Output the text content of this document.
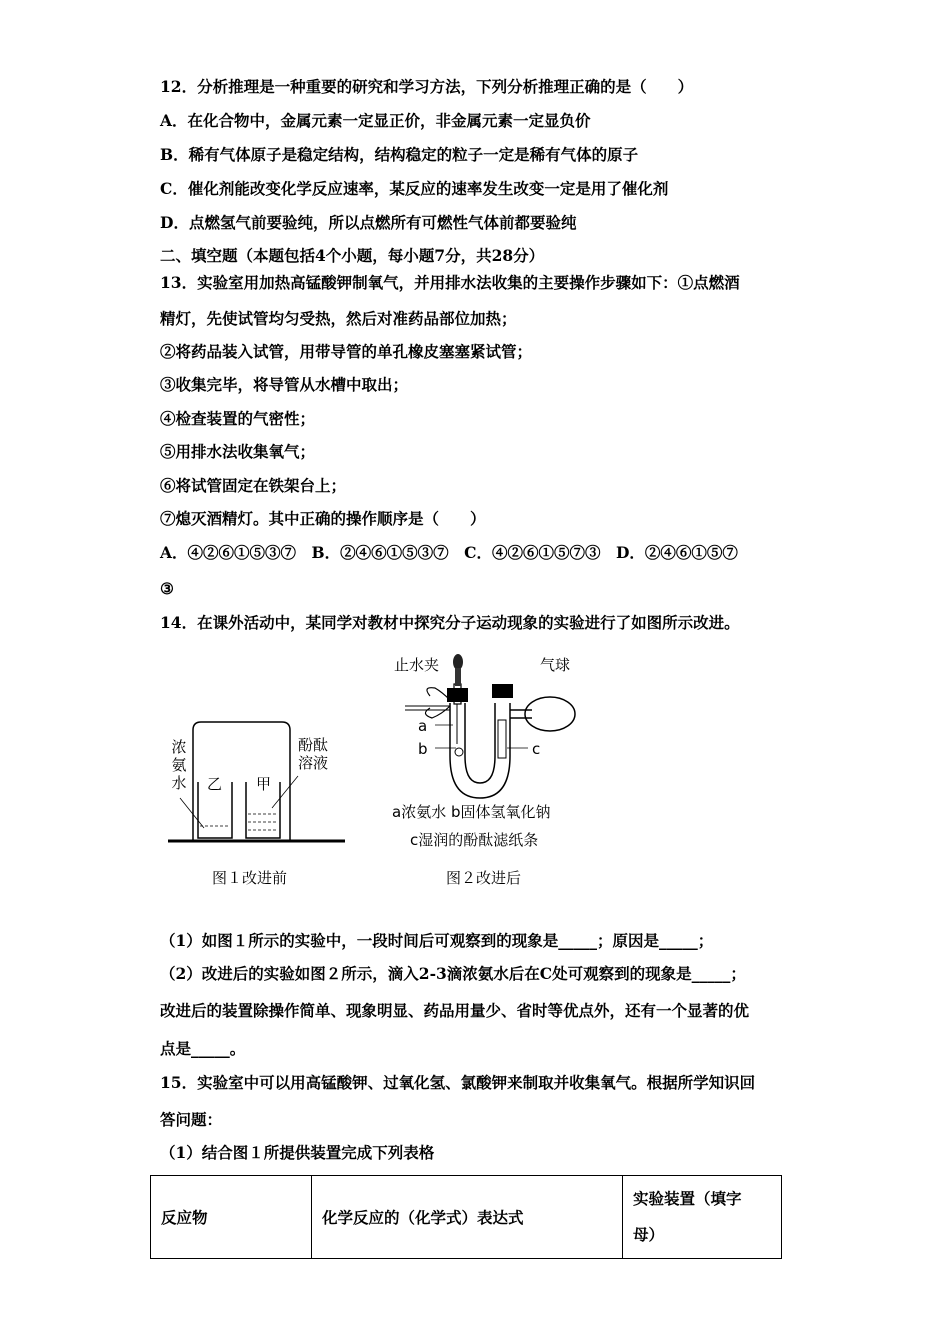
12．分析推理是一种重要的研究和学习方法，下列分析推理正确的是（　　）
A．在化合物中，金属元素一定显正价，非金属元素一定显负价
B．稀有气体原子是稳定结构，结构稳定的粒子一定是稀有气体的原子
C．催化剂能改变化学反应速率，某反应的速率发生改变一定是用了催化剂
D．点燃氢气前要验纯，所以点燃所有可燃性气体前都要验纯
二、填空题（本题包括4个小题，每小题7分，共28分）
13．实验室用加热高锰酸钾制氧气，并用排水法收集的主要操作步骤如下：①点燃酒
精灯，先使试管均匀受热，然后对准药品部位加热；
②将药品装入试管，用带导管的单孔橡皮塞塞紧试管；
③收集完毕，将导管从水槽中取出；
④检查装置的气密性；
⑤用排水法收集氧气；
⑥将试管固定在铁架台上；
⑦熄灭酒精灯。其中正确的操作顺序是（　　）
A．④②⑥①⑤③⑦　B．②④⑥①⑤③⑦　C．④②⑥①⑤⑦③　D．②④⑥①⑤⑦
③
14．在课外活动中，某同学对教材中探究分子运动现象的实验进行了如图所示改进。
浓
氨
水
酚酞
溶液
乙 甲
图１改进前
止水夹	气球
a
b	c
a浓氨水 b固体氢氧化钠
c湿润的酚酞滤纸条
图２改进后
（1）如图１所示的实验中，一段时间后可观察到的现象是_____；原因是_____；
（2）改进后的实验如图２所示，滴入2-3滴浓氨水后在C处可观察到的现象是_____；
改进后的装置除操作简单、现象明显、药品用量少、省时等优点外，还有一个显著的优
点是_____。
15．实验室中可以用高锰酸钾、过氧化氢、氯酸钾来制取并收集氧气。根据所学知识回
答问题：
（1）结合图１所提供装置完成下列表格
反应物	化学反应的（化学式）表达式	
实验装置（填字
母）
